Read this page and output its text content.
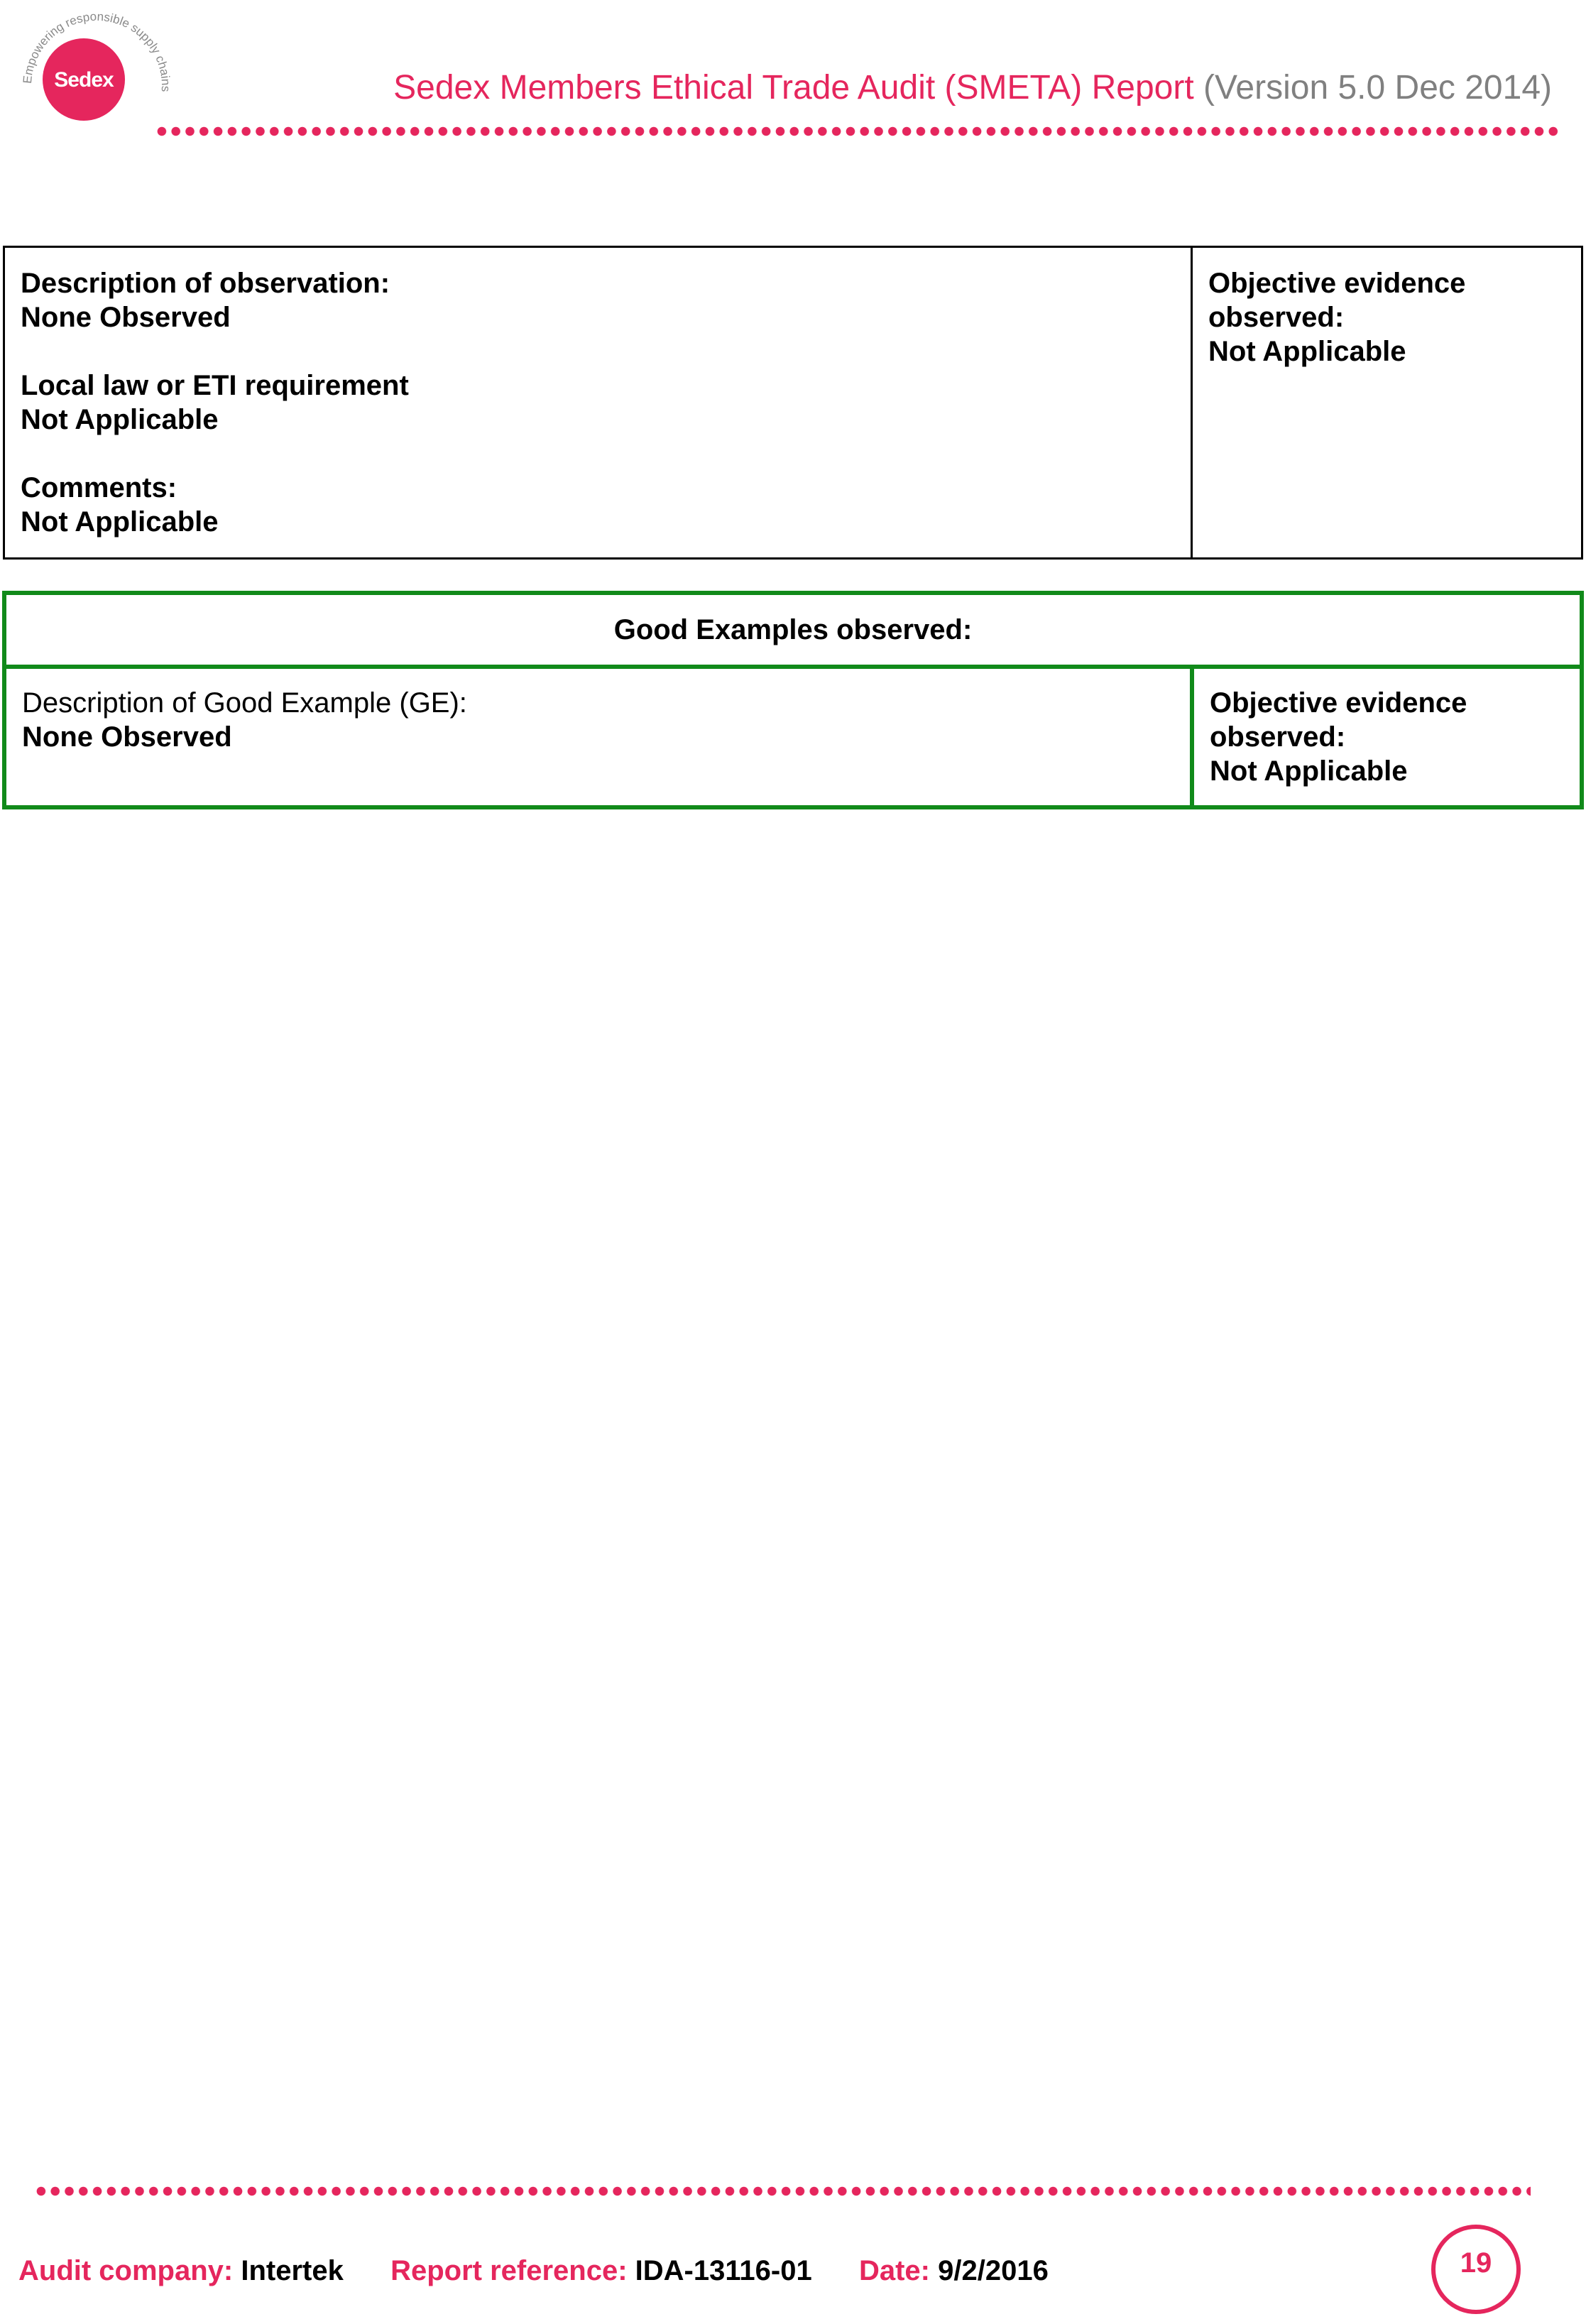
Sedex
Empowering responsible supply chains	Sedex Members Ethical Trade Audit (SMETA) Report (Version 5.0 Dec 2014)
Description of observation:
None Observed
Local law or ETI requirement
Not Applicable
Comments:
Not Applicable

Objective evidence observed:
Not Applicable
Good Examples observed:

Description of Good Example (GE):
None Observed

Objective evidence observed:
Not Applicable
Audit company: Intertek Report reference: IDA-13116-01 Date: 9/2/2016	19
